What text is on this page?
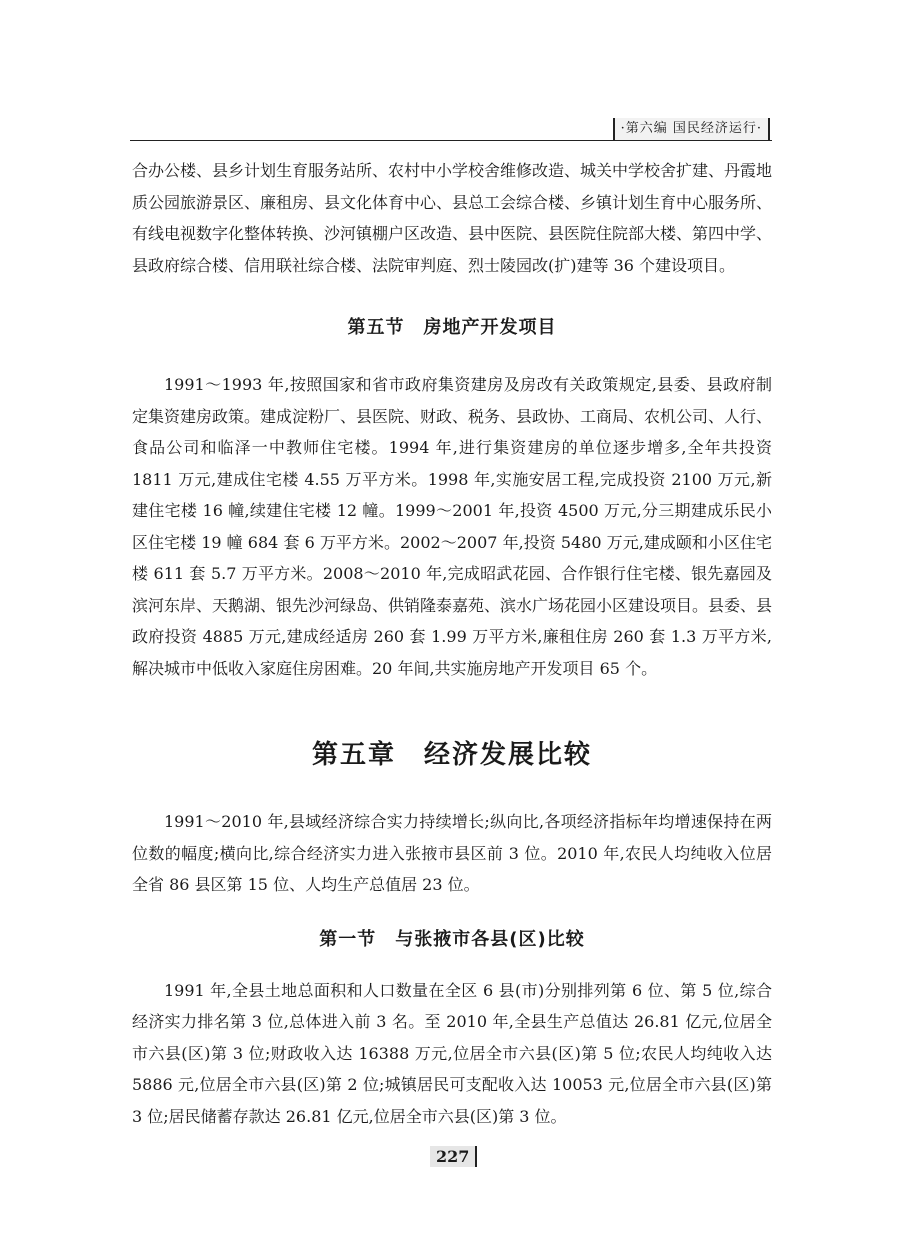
·第六编 国民经济运行·

合办公楼、县乡计划生育服务站所、农村中小学校舍维修改造、城关中学校舍扩建、丹霞地质公园旅游景区、廉租房、县文化体育中心、县总工会综合楼、乡镇计划生育中心服务所、有线电视数字化整体转换、沙河镇棚户区改造、县中医院、县医院住院部大楼、第四中学、县政府综合楼、信用联社综合楼、法院审判庭、烈士陵园改(扩)建等 36 个建设项目。

第五节　房地产开发项目

1991～1993 年,按照国家和省市政府集资建房及房改有关政策规定,县委、县政府制定集资建房政策。建成淀粉厂、县医院、财政、税务、县政协、工商局、农机公司、人行、食品公司和临泽一中教师住宅楼。1994 年,进行集资建房的单位逐步增多,全年共投资 1811 万元,建成住宅楼 4.55 万平方米。1998 年,实施安居工程,完成投资 2100 万元,新建住宅楼 16 幢,续建住宅楼 12 幢。1999～2001 年,投资 4500 万元,分三期建成乐民小区住宅楼 19 幢 684 套 6 万平方米。2002～2007 年,投资 5480 万元,建成颐和小区住宅楼 611 套 5.7 万平方米。2008～2010 年,完成昭武花园、合作银行住宅楼、银先嘉园及滨河东岸、天鹅湖、银先沙河绿岛、供销隆泰嘉苑、滨水广场花园小区建设项目。县委、县政府投资 4885 万元,建成经适房 260 套 1.99 万平方米,廉租住房 260 套 1.3 万平方米,解决城市中低收入家庭住房困难。20 年间,共实施房地产开发项目 65 个。

第五章　经济发展比较

1991～2010 年,县域经济综合实力持续增长;纵向比,各项经济指标年均增速保持在两位数的幅度;横向比,综合经济实力进入张掖市县区前 3 位。2010 年,农民人均纯收入位居全省 86 县区第 15 位、人均生产总值居 23 位。

第一节　与张掖市各县(区)比较

1991 年,全县土地总面积和人口数量在全区 6 县(市)分别排列第 6 位、第 5 位,综合经济实力排名第 3 位,总体进入前 3 名。至 2010 年,全县生产总值达 26.81 亿元,位居全市六县(区)第 3 位;财政收入达 16388 万元,位居全市六县(区)第 5 位;农民人均纯收入达 5886 元,位居全市六县(区)第 2 位;城镇居民可支配收入达 10053 元,位居全市六县(区)第 3 位;居民储蓄存款达 26.81 亿元,位居全市六县(区)第 3 位。

227
